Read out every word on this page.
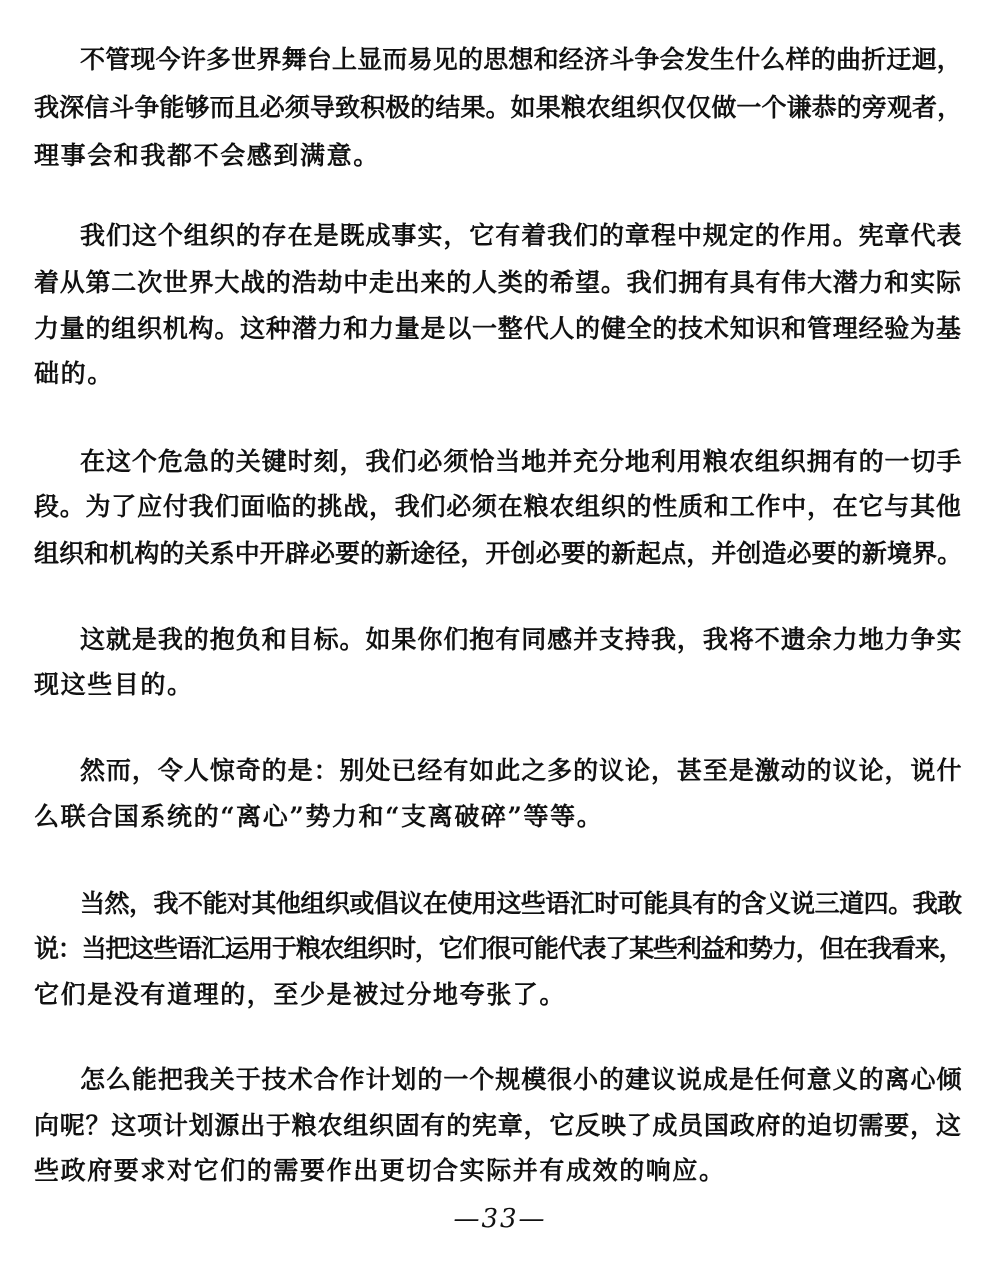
不管现今许多世界舞台上显而易见的思想和经济斗争会发生什么样的曲折迂迴，
我深信斗争能够而且必须导致积极的结果。如果粮农组织仅仅做一个谦恭的旁观者，
理事会和我都不会感到满意。
我们这个组织的存在是既成事实，它有着我们的章程中规定的作用。宪章代表
着从第二次世界大战的浩劫中走出来的人类的希望。我们拥有具有伟大潜力和实际
力量的组织机构。这种潜力和力量是以一整代人的健全的技术知识和管理经验为基
础的。
在这个危急的关键时刻，我们必须恰当地并充分地利用粮农组织拥有的一切手
段。为了应付我们面临的挑战，我们必须在粮农组织的性质和工作中，在它与其他
组织和机构的关系中开辟必要的新途径，开创必要的新起点，并创造必要的新境界。
这就是我的抱负和目标。如果你们抱有同感并支持我，我将不遗余力地力争实
现这些目的。
然而，令人惊奇的是：别处已经有如此之多的议论，甚至是激动的议论，说什
么联合国系统的“离心”势力和“支离破碎”等等。
当然，我不能对其他组织或倡议在使用这些语汇时可能具有的含义说三道四。我敢
说：当把这些语汇运用于粮农组织时，它们很可能代表了某些利益和势力，但在我看来，
它们是没有道理的，至少是被过分地夸张了。
怎么能把我关于技术合作计划的一个规模很小的建议说成是任何意义的离心倾
向呢？这项计划源出于粮农组织固有的宪章，它反映了成员国政府的迫切需要，这
些政府要求对它们的需要作出更切合实际并有成效的响应。
—33—
